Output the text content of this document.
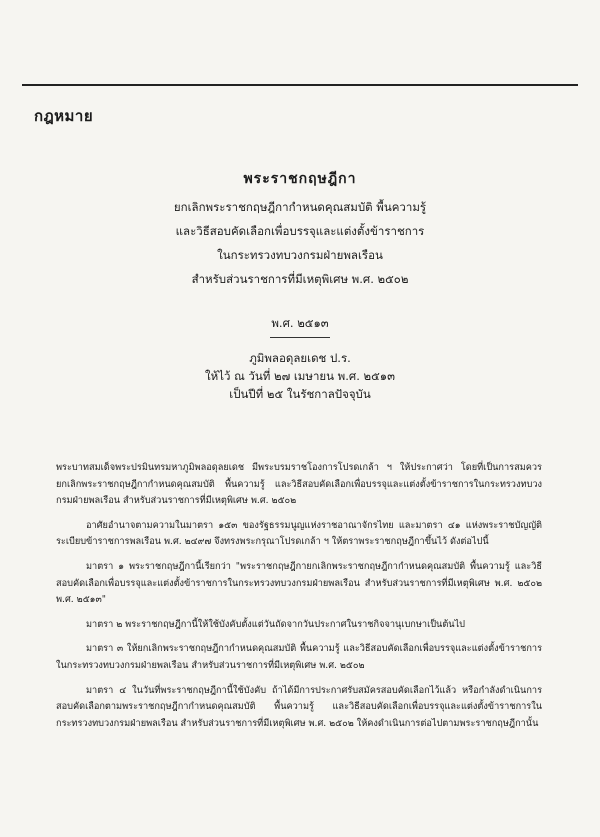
กฎหมาย
พระราชกฤษฎีกา
ยกเลิกพระราชกฤษฎีกากำหนดคุณสมบัติ พื้นความรู้
และวิธีสอบคัดเลือกเพื่อบรรจุและแต่งตั้งข้าราชการ
ในกระทรวงทบวงกรมฝ่ายพลเรือน
สำหรับส่วนราชการที่มีเหตุพิเศษ พ.ศ. ๒๕๐๒
พ.ศ. ๒๕๑๓
ภูมิพลอดุลยเดช ป.ร.
ให้ไว้ ณ วันที่ ๒๗ เมษายน พ.ศ. ๒๕๑๓
เป็นปีที่ ๒๕ ในรัชกาลปัจจุบัน

พระบาทสมเด็จพระปรมินทรมหาภูมิพลอดุลยเดช มีพระบรมราชโองการโปรดเกล้า ฯ ให้ประกาศว่า โดยที่เป็นการสมควรยกเลิกพระราชกฤษฎีกากำหนดคุณสมบัติ พื้นความรู้ และวิธีสอบคัดเลือกเพื่อบรรจุและแต่งตั้งข้าราชการในกระทรวงทบวงกรมฝ่ายพลเรือน สำหรับส่วนราชการที่มีเหตุพิเศษ พ.ศ. ๒๕๐๒

อาศัยอำนาจตามความในมาตรา ๑๕๓ ของรัฐธรรมนูญแห่งราชอาณาจักรไทย และมาตรา ๔๑ แห่งพระราชบัญญัติระเบียบข้าราชการพลเรือน พ.ศ. ๒๔๙๗ จึงทรงพระกรุณาโปรดเกล้า ฯ ให้ตราพระราชกฤษฎีกาขึ้นไว้ ดังต่อไปนี้

มาตรา ๑ พระราชกฤษฎีกานี้เรียกว่า "พระราชกฤษฎีกายกเลิกพระราชกฤษฎีกากำหนดคุณสมบัติ พื้นความรู้ และวิธีสอบคัดเลือกเพื่อบรรจุและแต่งตั้งข้าราชการในกระทรวงทบวงกรมฝ่ายพลเรือน สำหรับส่วนราชการที่มีเหตุพิเศษ พ.ศ. ๒๕๐๒ พ.ศ. ๒๕๑๓"

มาตรา ๒ พระราชกฤษฎีกานี้ให้ใช้บังคับตั้งแต่วันถัดจากวันประกาศในราชกิจจานุเบกษาเป็นต้นไป

มาตรา ๓ ให้ยกเลิกพระราชกฤษฎีกากำหนดคุณสมบัติ พื้นความรู้ และวิธีสอบคัดเลือกเพื่อบรรจุและแต่งตั้งข้าราชการในกระทรวงทบวงกรมฝ่ายพลเรือน สำหรับส่วนราชการที่มีเหตุพิเศษ พ.ศ. ๒๕๐๒

มาตรา ๔ ในวันที่พระราชกฤษฎีกานี้ใช้บังคับ ถ้าได้มีการประกาศรับสมัครสอบคัดเลือกไว้แล้ว หรือกำลังดำเนินการสอบคัดเลือกตามพระราชกฤษฎีกากำหนดคุณสมบัติ พื้นความรู้ และวิธีสอบคัดเลือกเพื่อบรรจุและแต่งตั้งข้าราชการในกระทรวงทบวงกรมฝ่ายพลเรือน สำหรับส่วนราชการที่มีเหตุพิเศษ พ.ศ. ๒๕๐๒ ให้คงดำเนินการต่อไปตามพระราชกฤษฎีกานั้น
